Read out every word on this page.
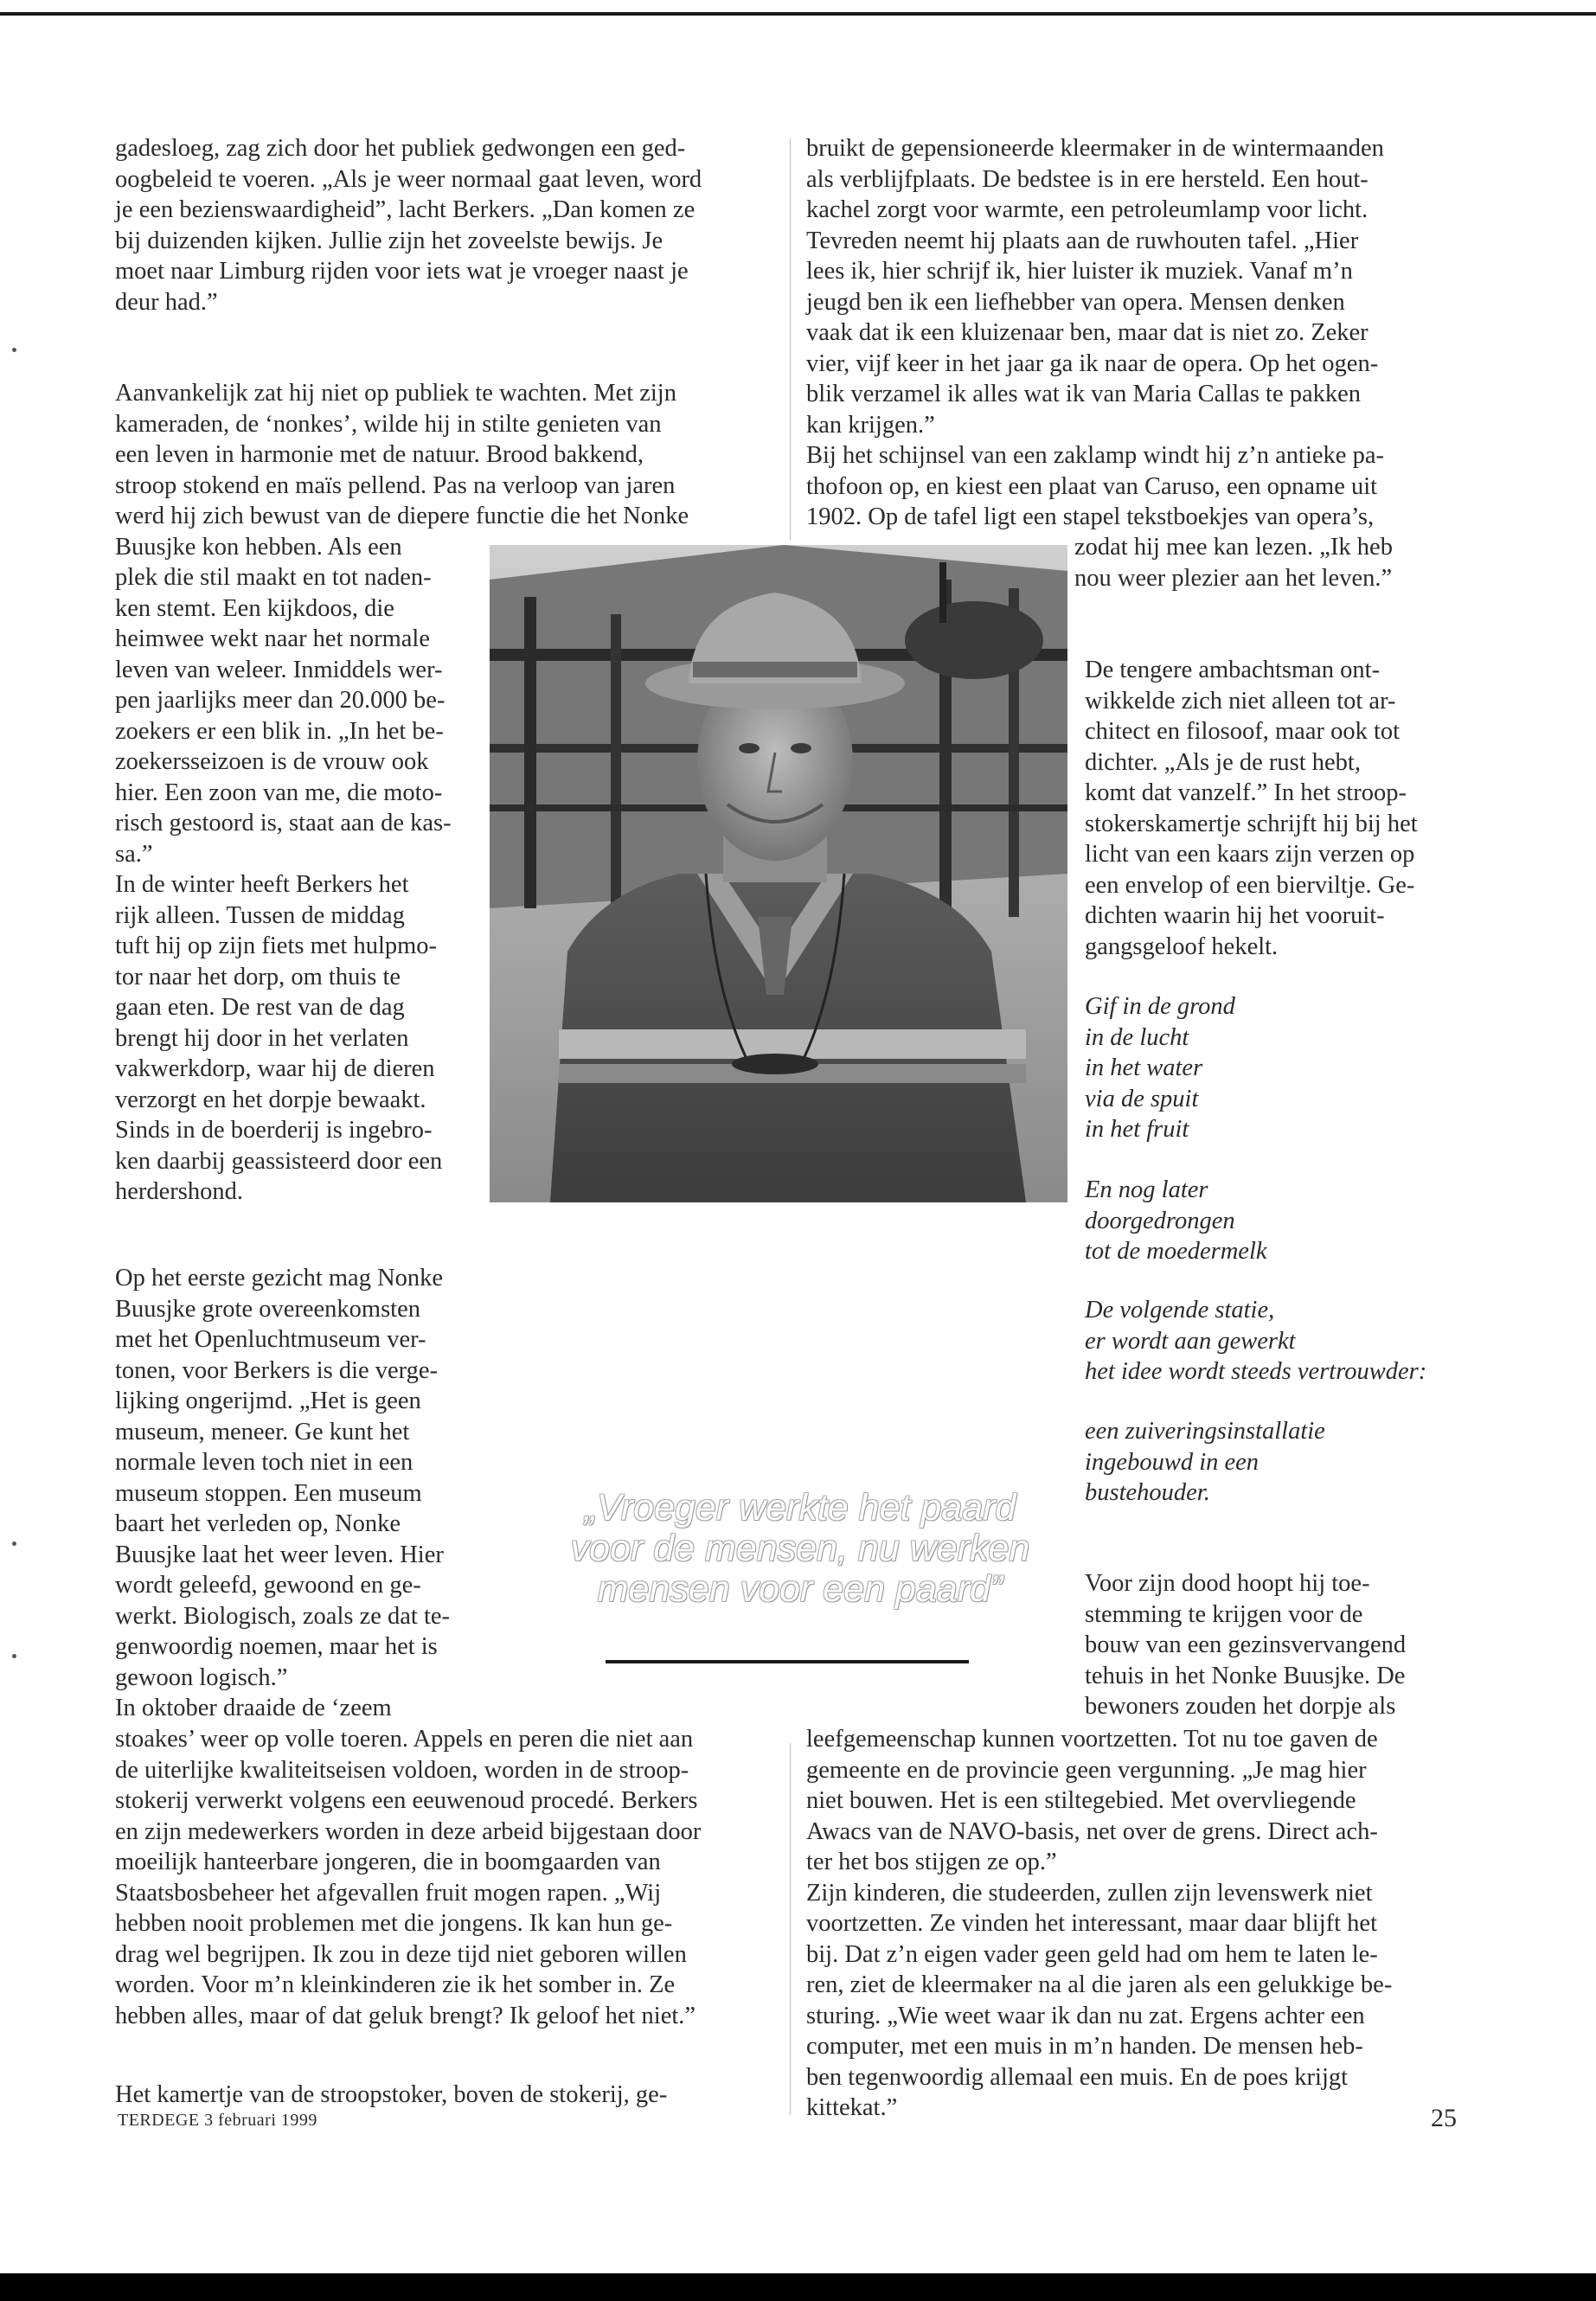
gadesloeg, zag zich door het publiek gedwongen een ged-
oogbeleid te voeren. „Als je weer normaal gaat leven, word
je een bezienswaardigheid”, lacht Berkers. „Dan komen ze
bij duizenden kijken. Jullie zijn het zoveelste bewijs. Je
moet naar Limburg rijden voor iets wat je vroeger naast je
deur had.”

Aanvankelijk zat hij niet op publiek te wachten. Met zijn
kameraden, de ‘nonkes’, wilde hij in stilte genieten van
een leven in harmonie met de natuur. Brood bakkend,
stroop stokend en maïs pellend. Pas na verloop van jaren
werd hij zich bewust van de diepere functie die het Nonke
Buusjke kon hebben. Als een

plek die stil maakt en tot naden-
ken stemt. Een kijkdoos, die
heimwee wekt naar het normale
leven van weleer. Inmiddels wer-
pen jaarlijks meer dan 20.000 be-
zoekers er een blik in. „In het be-
zoekersseizoen is de vrouw ook
hier. Een zoon van me, die moto-
risch gestoord is, staat aan de kas-
sa.”
In de winter heeft Berkers het
rijk alleen. Tussen de middag
tuft hij op zijn fiets met hulpmo-
tor naar het dorp, om thuis te
gaan eten. De rest van de dag
brengt hij door in het verlaten
vakwerkdorp, waar hij de dieren
verzorgt en het dorpje bewaakt.
Sinds in de boerderij is ingebro-
ken daarbij geassisteerd door een
herdershond.

Op het eerste gezicht mag Nonke
Buusjke grote overeenkomsten
met het Openluchtmuseum ver-
tonen, voor Berkers is die verge-
lijking ongerijmd. „Het is geen
museum, meneer. Ge kunt het
normale leven toch niet in een
museum stoppen. Een museum
baart het verleden op, Nonke
Buusjke laat het weer leven. Hier
wordt geleefd, gewoond en ge-
werkt. Biologisch, zoals ze dat te-
genwoordig noemen, maar het is
gewoon logisch.”
In oktober draaide de ‘zeem

stoakes’ weer op volle toeren. Appels en peren die niet aan
de uiterlijke kwaliteitseisen voldoen, worden in de stroop-
stokerij verwerkt volgens een eeuwenoud procedé. Berkers
en zijn medewerkers worden in deze arbeid bijgestaan door
moeilijk hanteerbare jongeren, die in boomgaarden van
Staatsbosbeheer het afgevallen fruit mogen rapen. „Wij
hebben nooit problemen met die jongens. Ik kan hun ge-
drag wel begrijpen. Ik zou in deze tijd niet geboren willen
worden. Voor m’n kleinkinderen zie ik het somber in. Ze
hebben alles, maar of dat geluk brengt? Ik geloof het niet.”

Het kamertje van de stroopstoker, boven de stokerij, ge-

bruikt de gepensioneerde kleermaker in de wintermaanden
als verblijfplaats. De bedstee is in ere hersteld. Een hout-
kachel zorgt voor warmte, een petroleumlamp voor licht.
Tevreden neemt hij plaats aan de ruwhouten tafel. „Hier
lees ik, hier schrijf ik, hier luister ik muziek. Vanaf m’n
jeugd ben ik een liefhebber van opera. Mensen denken
vaak dat ik een kluizenaar ben, maar dat is niet zo. Zeker
vier, vijf keer in het jaar ga ik naar de opera. Op het ogen-
blik verzamel ik alles wat ik van Maria Callas te pakken
kan krijgen.”
Bij het schijnsel van een zaklamp windt hij z’n antieke pa-
thofoon op, en kiest een plaat van Caruso, een opname uit
1902. Op de tafel ligt een stapel tekstboekjes van opera’s,

zodat hij mee kan lezen. „Ik heb
nou weer plezier aan het leven.”

De tengere ambachtsman ont-
wikkelde zich niet alleen tot ar-
chitect en filosoof, maar ook tot
dichter. „Als je de rust hebt,
komt dat vanzelf.” In het stroop-
stokerskamertje schrijft hij bij het
licht van een kaars zijn verzen op
een envelop of een bierviltje. Ge-
dichten waarin hij het vooruit-
gangsgeloof hekelt.

Gif in de grond
in de lucht
in het water
via de spuit
in het fruit

En nog later
doorgedrongen
tot de moedermelk

De volgende statie,
er wordt aan gewerkt
het idee wordt steeds vertrouwder:

een zuiveringsinstallatie
ingebouwd in een
bustehouder.

Voor zijn dood hoopt hij toe-
stemming te krijgen voor de
bouw van een gezinsvervangend
tehuis in het Nonke Buusjke. De
bewoners zouden het dorpje als

leefgemeenschap kunnen voortzetten. Tot nu toe gaven de
gemeente en de provincie geen vergunning. „Je mag hier
niet bouwen. Het is een stiltegebied. Met overvliegende
Awacs van de NAVO-basis, net over de grens. Direct ach-
ter het bos stijgen ze op.”
Zijn kinderen, die studeerden, zullen zijn levenswerk niet
voortzetten. Ze vinden het interessant, maar daar blijft het
bij. Dat z’n eigen vader geen geld had om hem te laten le-
ren, ziet de kleermaker na al die jaren als een gelukkige be-
sturing. „Wie weet waar ik dan nu zat. Ergens achter een
computer, met een muis in m’n handen. De mensen heb-
ben tegenwoordig allemaal een muis. En de poes krijgt
kittekat.”

„Vroeger werkte het paard
voor de mensen, nu werken
mensen voor een paard”

TERDEGE 3 februari 1999	25
